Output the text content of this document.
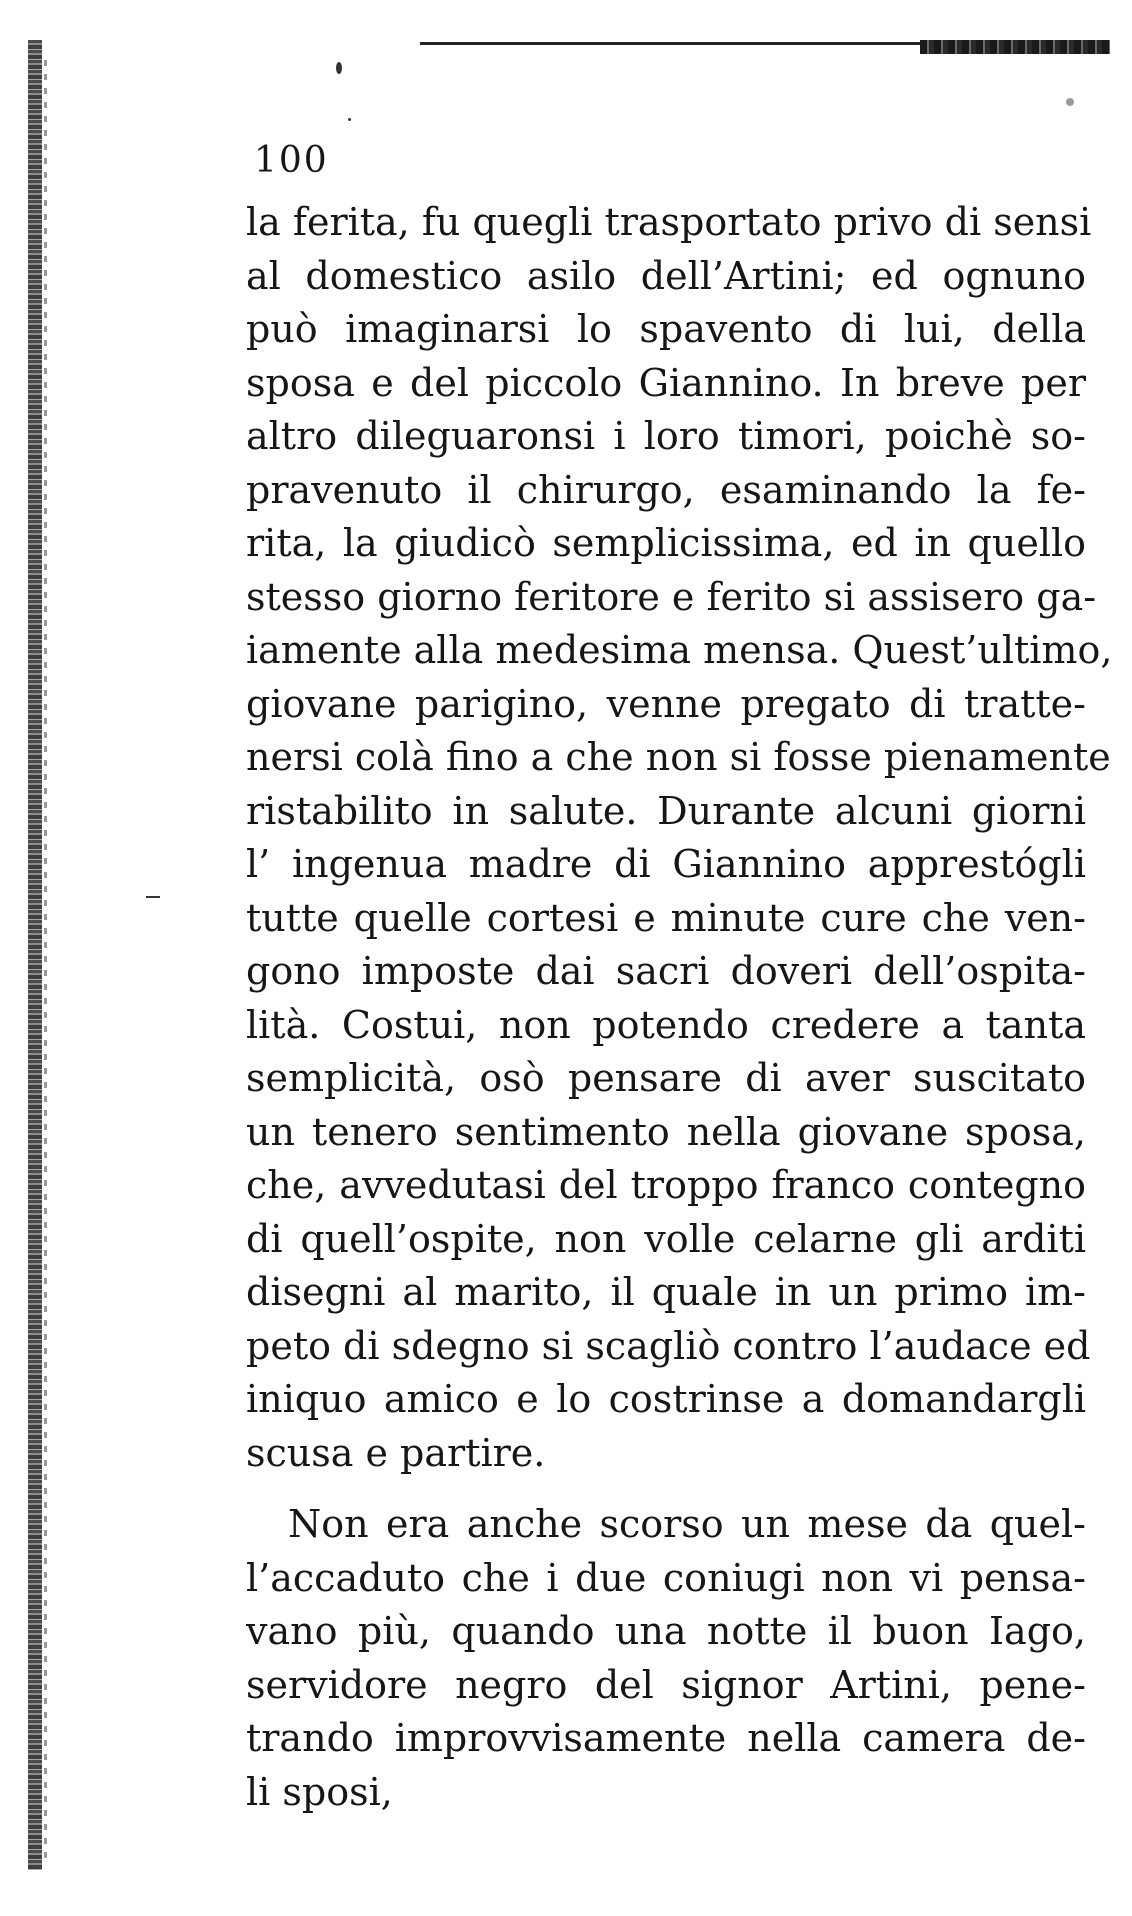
100
la ferita, fu quegli trasportato privo di sensi
al domestico asilo dell’Artini; ed ognuno
può imaginarsi lo spavento di lui, della
sposa e del piccolo Giannino. In breve per
altro dileguaronsi i loro timori, poichè so-
pravenuto il chirurgo, esaminando la fe-
rita, la giudicò semplicissima, ed in quello
stesso giorno feritore e ferito si assisero ga-
iamente alla medesima mensa. Quest’ultimo,
giovane parigino, venne pregato di tratte-
nersi colà fino a che non si fosse pienamente
ristabilito in salute. Durante alcuni giorni
l’ ingenua madre di Giannino apprestógli
tutte quelle cortesi e minute cure che ven-
gono imposte dai sacri doveri dell’ospita-
lità. Costui, non potendo credere a tanta
semplicità, osò pensare di aver suscitato
un tenero sentimento nella giovane sposa,
che, avvedutasi del troppo franco contegno
di quell’ospite, non volle celarne gli arditi
disegni al marito, il quale in un primo im-
peto di sdegno si scagliò contro l’audace ed
iniquo amico e lo costrinse a domandargli
scusa e partire.
Non era anche scorso un mese da quel-
l’accaduto che i due coniugi non vi pensa-
vano più, quando una notte il buon Iago,
servidore negro del signor Artini, pene-
trando improvvisamente nella camera de-
li sposi,
